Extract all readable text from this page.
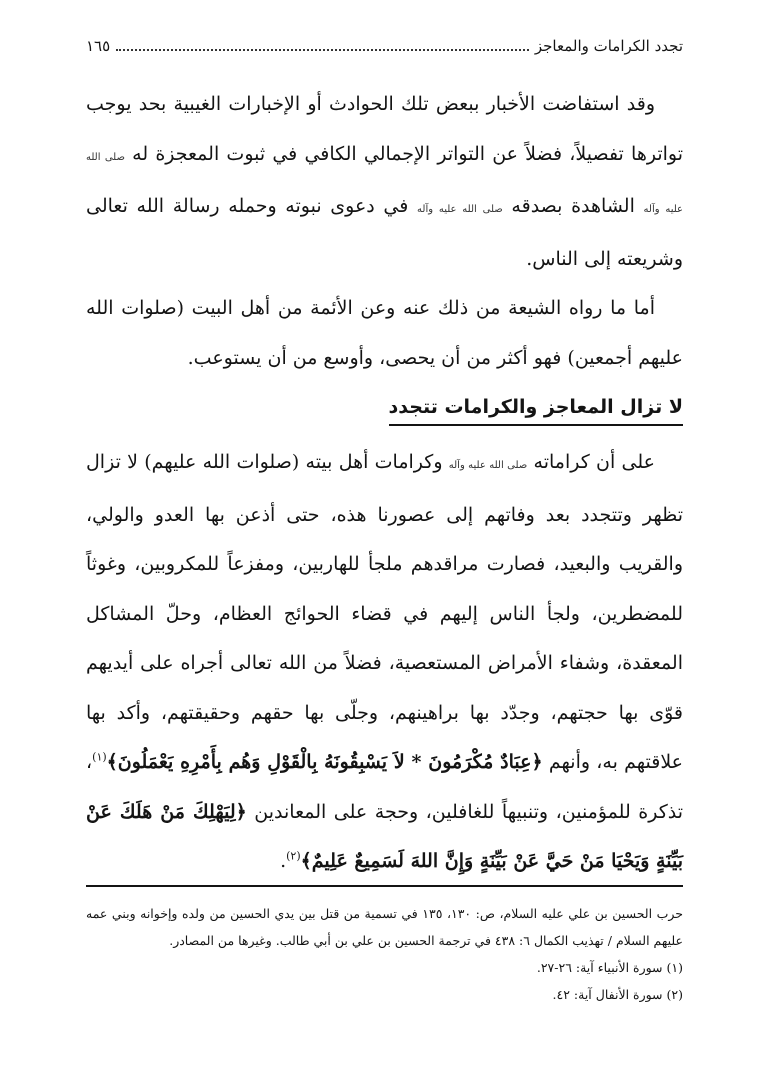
تجدد الكرامات والمعاجز
١٦٥

وقد استفاضت الأخبار ببعض تلك الحوادث أو الإخبارات الغيبية بحد يوجب تواترها تفصيلاً، فضلاً عن التواتر الإجمالي الكافي في ثبوت المعجزة له صلى الله عليه وآله الشاهدة بصدقه صلى الله عليه وآله في دعوى نبوته وحمله رسالة الله تعالى وشريعته إلى الناس.

أما ما رواه الشيعة من ذلك عنه وعن الأئمة من أهل البيت (صلوات الله عليهم أجمعين) فهو أكثر من أن يحصى، وأوسع من أن يستوعب.

لا تزال المعاجز والكرامات تتجدد

على أن كراماته صلى الله عليه وآله وكرامات أهل بيته (صلوات الله عليهم) لا تزال تظهر وتتجدد بعد وفاتهم إلى عصورنا هذه، حتى أذعن بها العدو والولي، والقريب والبعيد، فصارت مراقدهم ملجأ للهاربين، ومفزعاً للمكروبين، وغوثاً للمضطرين، ولجأ الناس إليهم في قضاء الحوائج العظام، وحلّ المشاكل المعقدة، وشفاء الأمراض المستعصية، فضلاً من الله تعالى أجراه على أيديهم قوّى بها حجتهم، وجدّد بها براهينهم، وجلّى بها حقهم وحقيقتهم، وأكد بها علاقتهم به، وأنهم ﴿عِبَادٌ مُكْرَمُونَ * لاَ يَسْبِقُونَهُ بِالْقَوْلِ وَهُم بِأَمْرِهِ يَعْمَلُونَ﴾$^{(١)}$، تذكرة للمؤمنين، وتنبيهاً للغافلين، وحجة على المعاندين ﴿لِيَهْلِكَ مَنْ هَلَكَ عَنْ بَيِّنَةٍ وَيَحْيَا مَنْ حَيَّ عَنْ بَيِّنَةٍ وَإِنَّ اللهَ لَسَمِيعٌ عَلِيمٌ﴾$^{(٢)}$.

حرب الحسين بن علي عليه السلام، ص: ١٣٠، ١٣٥ في تسمية من قتل بين يدي الحسين من ولده وإخوانه وبني عمه عليهم السلام / تهذيب الكمال ٦: ٤٣٨ في ترجمة الحسين بن علي بن أبي طالب. وغيرها من المصادر.

(١) سورة الأنبياء آية: ٢٦-٢٧.

(٢) سورة الأنفال آية: ٤٢.
